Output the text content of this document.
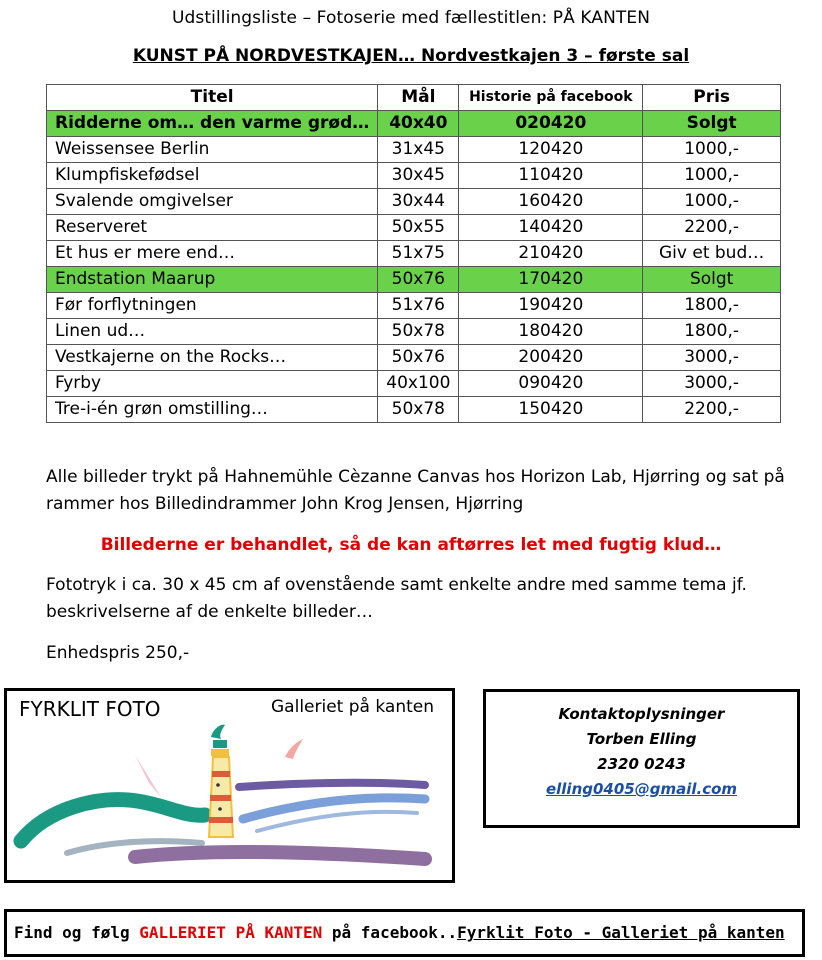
Udstillingsliste – Fotoserie med fællestitlen: PÅ KANTEN
KUNST PÅ NORDVESTKAJEN… Nordvestkajen 3 – første sal
Titel	Mål	Historie på facebook	Pris
Ridderne om… den varme grød…	40x40	020420	Solgt
Weissensee Berlin	31x45	120420	1000,-
Klumpfiskefødsel	30x45	110420	1000,-
Svalende omgivelser	30x44	160420	1000,-
Reserveret	50x55	140420	2200,-
Et hus er mere end…	51x75	210420	Giv et bud…
Endstation Maarup	50x76	170420	Solgt
Før forflytningen	51x76	190420	1800,-
Linen ud…	50x78	180420	1800,-
Vestkajerne on the Rocks…	50x76	200420	3000,-
Fyrby	40x100	090420	3000,-
Tre-i-én grøn omstilling…	50x78	150420	2200,-
Alle billeder trykt på Hahnemühle Cèzanne Canvas hos Horizon Lab, Hjørring og sat på rammer hos Billedindrammer John Krog Jensen, Hjørring
Billederne er behandlet, så de kan aftørres let med fugtig klud…
Fototryk i ca. 30 x 45 cm af ovenstående samt enkelte andre med samme tema jf. beskrivelserne af de enkelte billeder…
Enhedspris 250,-
FYRKLIT FOTO	Galleriet på kanten	Kontaktoplysninger
Torben Elling
2320 0243
elling0405@gmail.com
Find og følg GALLERIET PÅ KANTEN på facebook..Fyrklit Foto - Galleriet på kanten
